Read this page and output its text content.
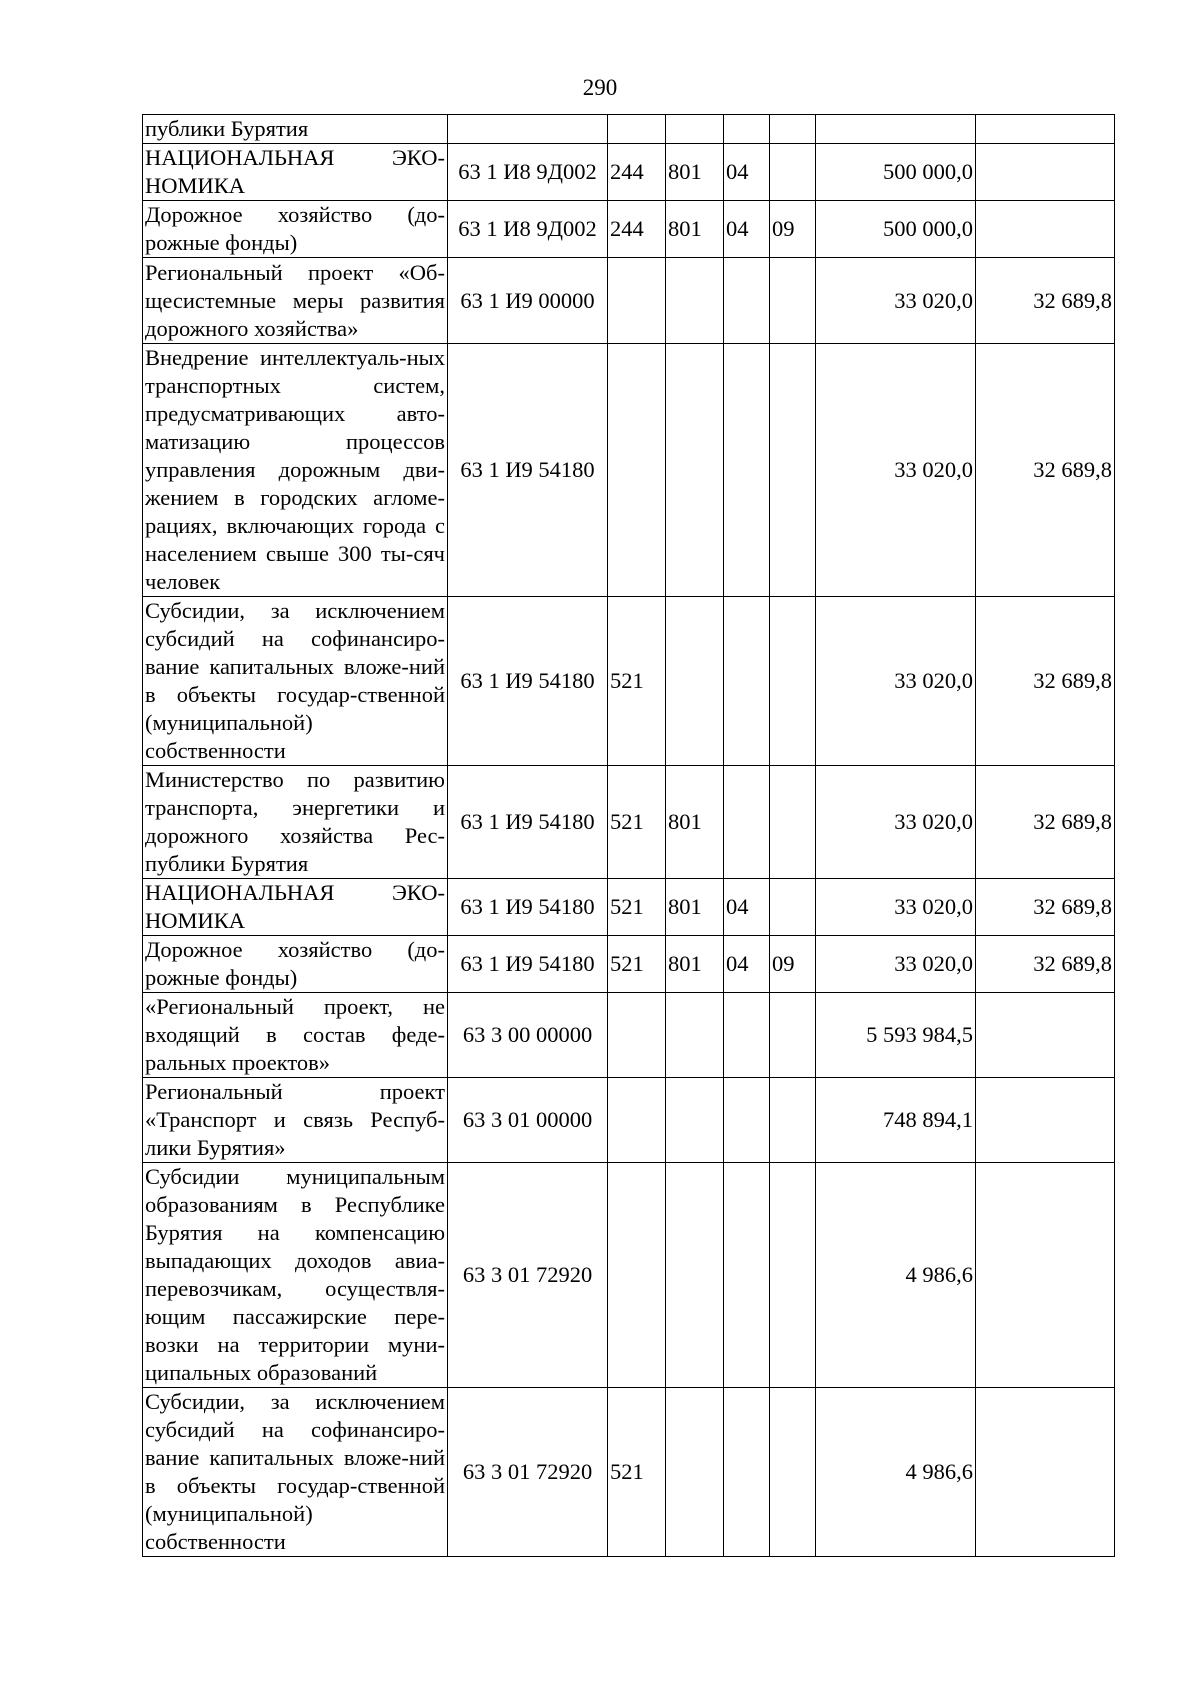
290
публики Бурятия							
НАЦИОНАЛЬНАЯ ЭКО-НОМИКА	63 1 И8 9Д002	244	801	04		500 000,0	
Дорожное хозяйство (до-рожные фонды)	63 1 И8 9Д002	244	801	04	09	500 000,0	
Региональный проект «Об-щесистемные меры развития дорожного хозяйства»	63 1 И9 00000					33 020,0	32 689,8
Внедрение интеллектуаль-ных транспортных систем, предусматривающих авто-матизацию процессов управления дорожным дви-жением в городских агломе-рациях, включающих города с населением свыше 300 ты-сяч человек	63 1 И9 54180					33 020,0	32 689,8
Субсидии, за исключением субсидий на софинансиро-вание капитальных вложе-ний в объекты государ-ственной (муниципальной) собственности	63 1 И9 54180	521				33 020,0	32 689,8
Министерство по развитию транспорта, энергетики и дорожного хозяйства Рес-публики Бурятия	63 1 И9 54180	521	801			33 020,0	32 689,8
НАЦИОНАЛЬНАЯ ЭКО-НОМИКА	63 1 И9 54180	521	801	04		33 020,0	32 689,8
Дорожное хозяйство (до-рожные фонды)	63 1 И9 54180	521	801	04	09	33 020,0	32 689,8
«Региональный проект, не входящий в состав феде-ральных проектов»	63 3 00 00000					5 593 984,5	
Региональный проект «Транспорт и связь Респуб-лики Бурятия»	63 3 01 00000					748 894,1	
Субсидии муниципальным образованиям в Республике Бурятия на компенсацию выпадающих доходов авиа-перевозчикам, осуществля-ющим пассажирские пере-возки на территории муни-ципальных образований	63 3 01 72920					4 986,6	
Субсидии, за исключением субсидий на софинансиро-вание капитальных вложе-ний в объекты государ-ственной (муниципальной) собственности	63 3 01 72920	521				4 986,6	
